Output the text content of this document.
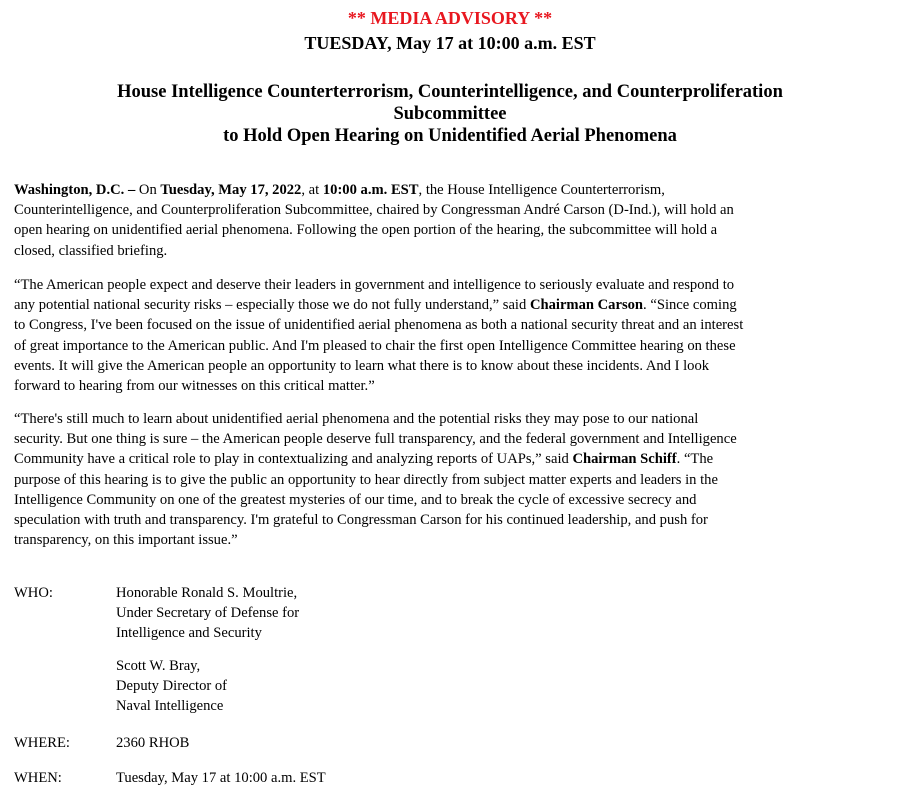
** MEDIA ADVISORY **
TUESDAY, May 17 at 10:00 a.m. EST
House Intelligence Counterterrorism, Counterintelligence, and Counterproliferation
Subcommittee
to Hold Open Hearing on Unidentified Aerial Phenomena

Washington, D.C. – On Tuesday, May 17, 2022, at 10:00 a.m. EST, the House Intelligence Counterterrorism,
Counterintelligence, and Counterproliferation Subcommittee, chaired by Congressman André Carson (D-Ind.), will hold an
open hearing on unidentified aerial phenomena. Following the open portion of the hearing, the subcommittee will hold a
closed, classified briefing.

“The American people expect and deserve their leaders in government and intelligence to seriously evaluate and respond to
any potential national security risks – especially those we do not fully understand,” said Chairman Carson. “Since coming
to Congress, I've been focused on the issue of unidentified aerial phenomena as both a national security threat and an interest
of great importance to the American public. And I'm pleased to chair the first open Intelligence Committee hearing on these
events. It will give the American people an opportunity to learn what there is to know about these incidents. And I look
forward to hearing from our witnesses on this critical matter.”

“There's still much to learn about unidentified aerial phenomena and the potential risks they may pose to our national
security. But one thing is sure – the American people deserve full transparency, and the federal government and Intelligence
Community have a critical role to play in contextualizing and analyzing reports of UAPs,” said Chairman Schiff. “The
purpose of this hearing is to give the public an opportunity to hear directly from subject matter experts and leaders in the
Intelligence Community on one of the greatest mysteries of our time, and to break the cycle of excessive secrecy and
speculation with truth and transparency. I'm grateful to Congressman Carson for his continued leadership, and push for
transparency, on this important issue.”

WHO:	Honorable Ronald S. Moultrie,
Under Secretary of Defense for
Intelligence and Security
Scott W. Bray,
Deputy Director of
Naval Intelligence
WHERE:	2360 RHOB
WHEN:	Tuesday, May 17 at 10:00 a.m. EST
